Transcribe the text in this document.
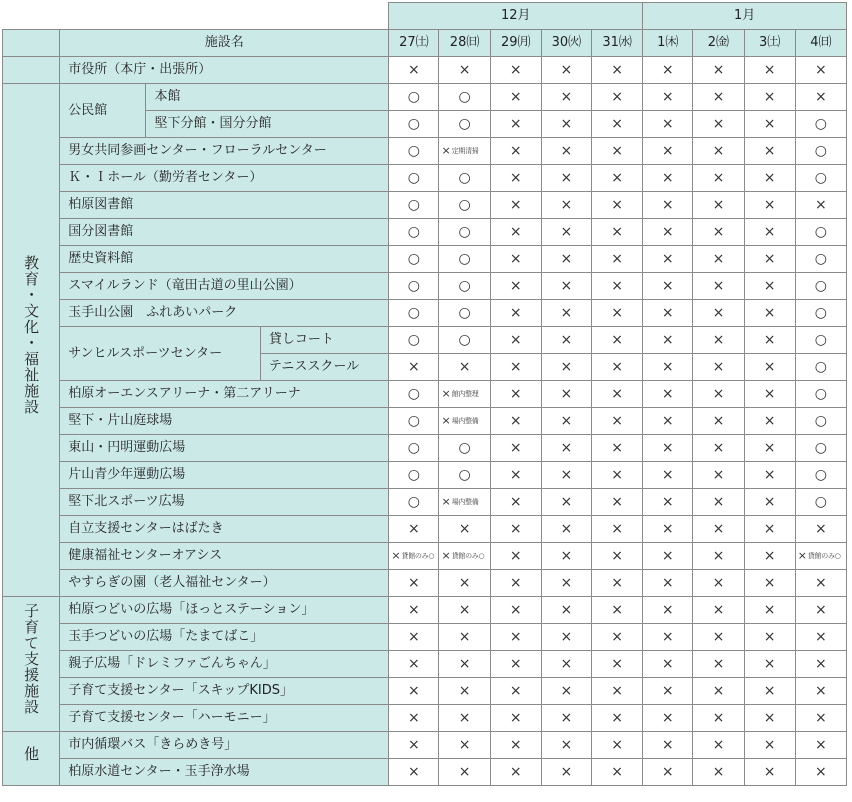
				12月					1月			
	施設名			27㈯	28㈰	29㈪	30㈫	31㈬	1㈭	2㈮	3㈯	4㈰
	市役所（本庁・出張所）			×	×	×	×	×	×	×	×	×
教育・文化・福祉施設	公民館	本館		○	○	×	×	×	×	×	×	×
		堅下分館・国分分館		○	○	×	×	×	×	×	×	○
	男女共同参画センター・フローラルセンター			○	×定期清掃	×	×	×	×	×	×	○
	Ｋ・Ｉホール（勤労者センター）			○	○	×	×	×	×	×	×	○
	柏原図書館			○	○	×	×	×	×	×	×	×
	国分図書館			○	○	×	×	×	×	×	×	○
	歴史資料館			○	○	×	×	×	×	×	×	○
	スマイルランド（竜田古道の里山公園）			○	○	×	×	×	×	×	×	○
	玉手山公園　ふれあいパーク			○	○	×	×	×	×	×	×	○
	サンヒルスポーツセンター		貸しコート	○	○	×	×	×	×	×	×	○
			テニススクール	×	×	×	×	×	×	×	×	○
	柏原オーエンスアリーナ・第二アリーナ			○	×館内整理	×	×	×	×	×	×	○
	堅下・片山庭球場			○	×場内整備	×	×	×	×	×	×	○
	東山・円明運動広場			○	○	×	×	×	×	×	×	○
	片山青少年運動広場			○	○	×	×	×	×	×	×	○
	堅下北スポーツ広場			○	×場内整備	×	×	×	×	×	×	○
	自立支援センターはばたき			×	×	×	×	×	×	×	×	×
	健康福祉センターオアシス			×貸館のみ○	×貸館のみ○	×	×	×	×	×	×	×貸館のみ○
	やすらぎの園（老人福祉センター）			×	×	×	×	×	×	×	×	×
子育て支援施設	柏原つどいの広場「ほっとステーション」			×	×	×	×	×	×	×	×	×
	玉手つどいの広場「たまてばこ」			×	×	×	×	×	×	×	×	×
	親子広場「ドレミファごんちゃん」			×	×	×	×	×	×	×	×	×
	子育て支援センター「スキップKIDS」			×	×	×	×	×	×	×	×	×
	子育て支援センター「ハーモニー」			×	×	×	×	×	×	×	×	×
他	市内循環バス「きらめき号」			×	×	×	×	×	×	×	×	×
	柏原水道センター・玉手浄水場			×	×	×	×	×	×	×	×	×
